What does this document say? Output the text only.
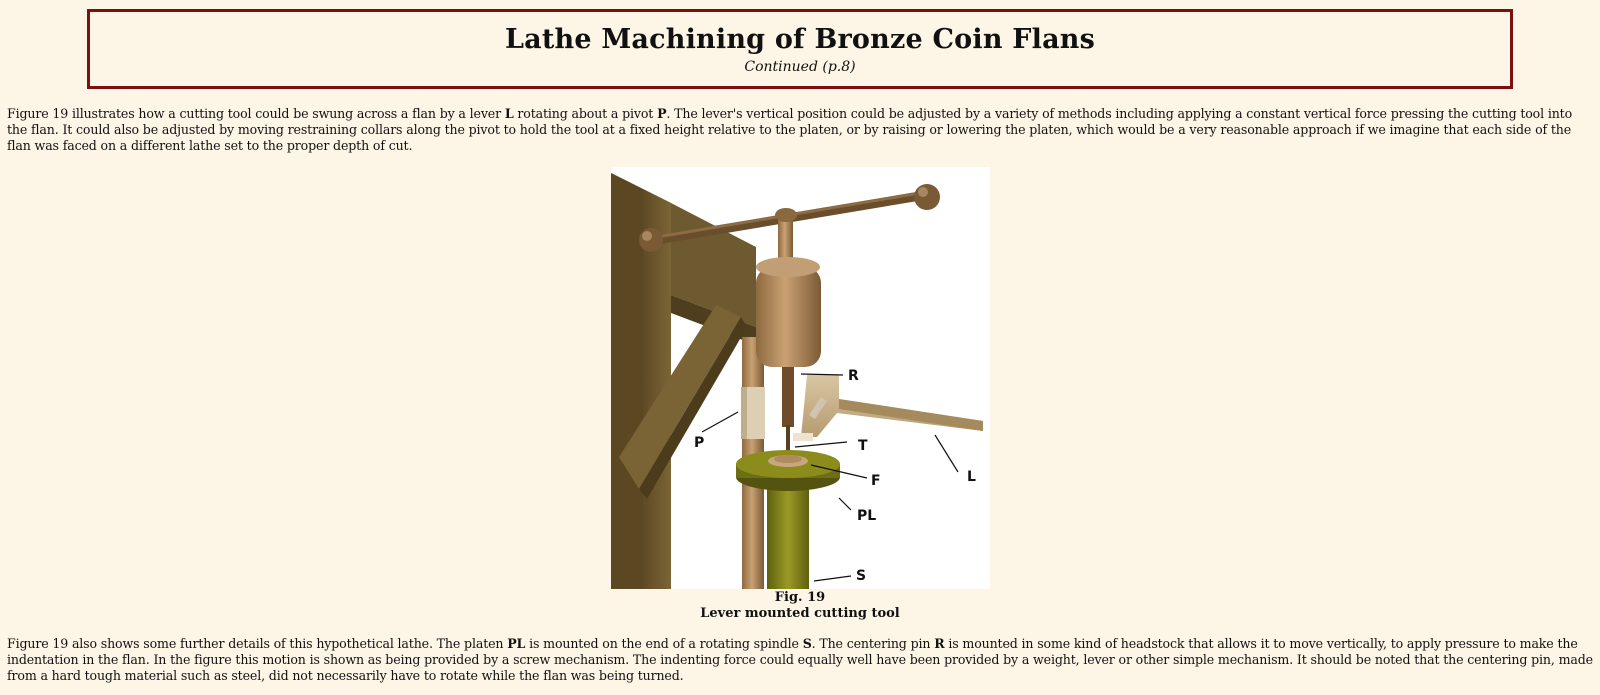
Lathe Machining of Bronze Coin Flans
Continued (p.8)

Figure 19 illustrates how a cutting tool could be swung across a flan by a lever L rotating about a pivot P. The lever's vertical position could be adjusted by a variety of methods including applying a constant vertical force pressing the cutting tool into the flan. It could also be adjusted by moving restraining collars along the pivot to hold the tool at a fixed height relative to the platen, or by raising or lowering the platen, which would be a very reasonable approach if we imagine that each side of the flan was faced on a different lathe set to the proper depth of cut.

R
P	T
F	L
PL
S
Fig. 19
Lever mounted cutting tool

Figure 19 also shows some further details of this hypothetical lathe. The platen PL is mounted on the end of a rotating spindle S. The centering pin R is mounted in some kind of headstock that allows it to move vertically, to apply pressure to make the indentation in the flan. In the figure this motion is shown as being provided by a screw mechanism. The indenting force could equally well have been provided by a weight, lever or other simple mechanism. It should be noted that the centering pin, made from a hard tough material such as steel, did not necessarily have to rotate while the flan was being turned.
